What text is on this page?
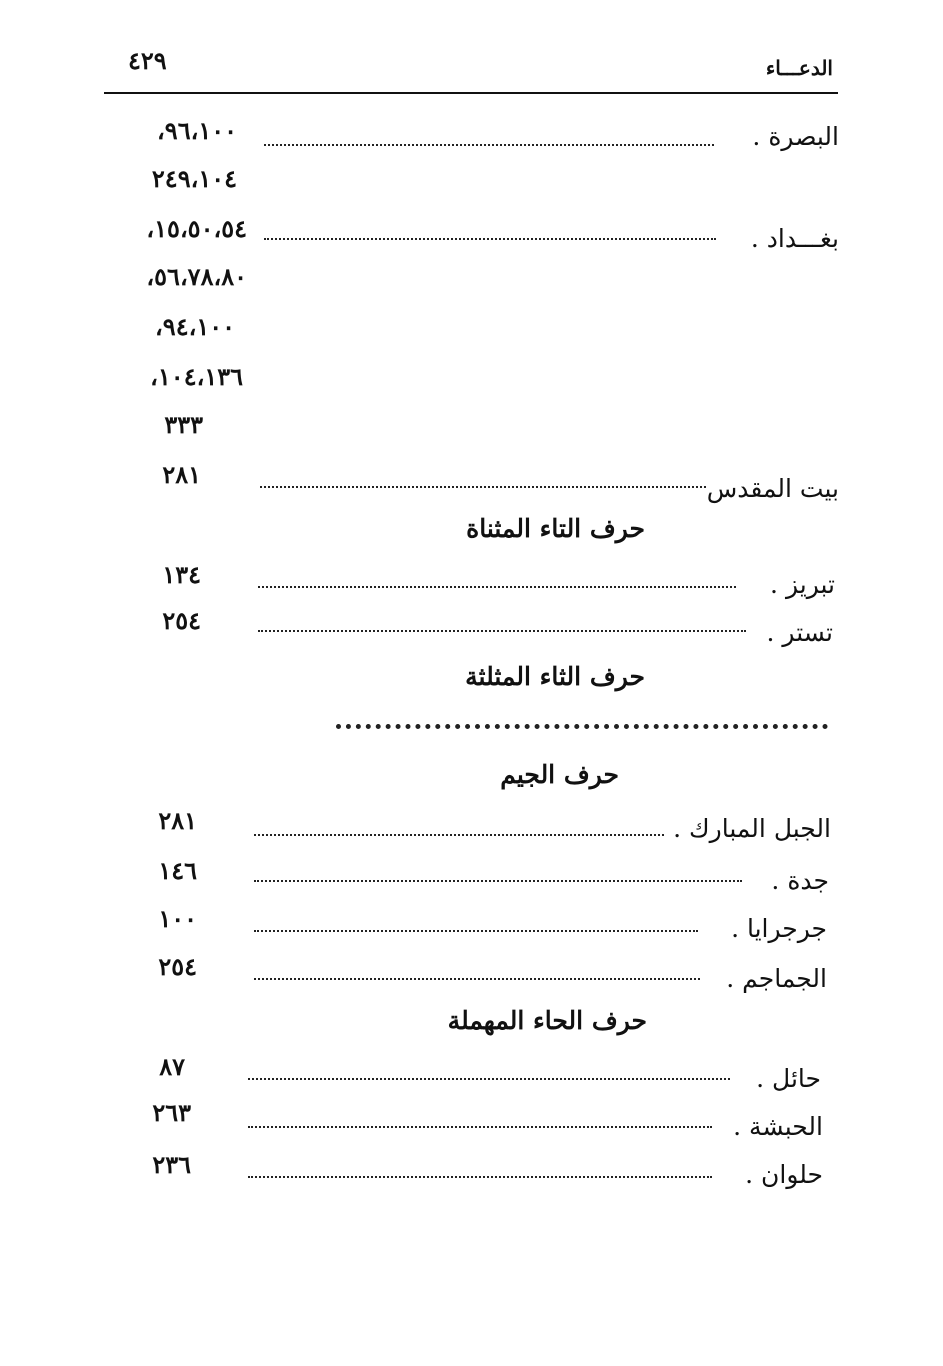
الدعـــاء
٤٢٩
البصرة .
٩٦،١٠٠،
٢٤٩،١٠٤
بغـــداد .
١٥،٥٠،٥٤،
٥٦،٧٨،٨٠،
٩٤،١٠٠،
١٠٤،١٣٦،
٣٣٣
بيت المقدس
٢٨١
حرف التاء المثناة
تبريز .
١٣٤
تستر .
٢٥٤
حرف الثاء المثلثة
حرف الجيم
الجبل المبارك .
٢٨١
جدة .
١٤٦
جرجرايا .
١٠٠
الجماجم .
٢٥٤
حرف الحاء المهملة
حائل .
٨٧
الحبشة .
٢٦٣
حلوان .
٢٣٦
